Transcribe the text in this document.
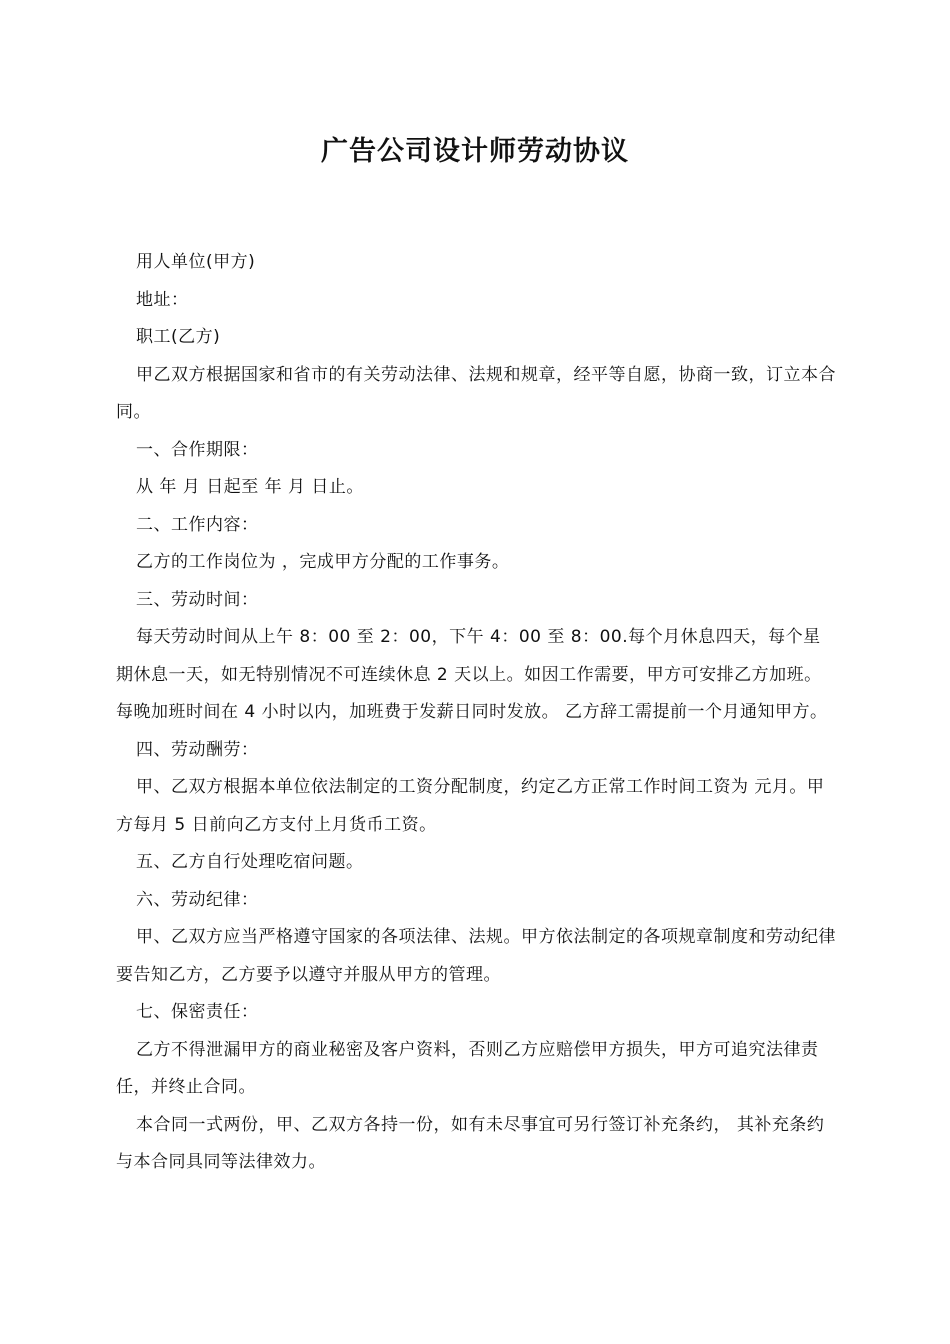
广告公司设计师劳动协议

用人单位(甲方)

地址：

职工(乙方)

甲乙双方根据国家和省市的有关劳动法律、法规和规章，经平等自愿，协商一致，订立本合同。

一、合作期限：

从 年 月 日起至 年 月 日止。

二、工作内容：

乙方的工作岗位为 ，完成甲方分配的工作事务。

三、劳动时间：

每天劳动时间从上午 8：00 至 2：00，下午 4：00 至 8：00.每个月休息四天，每个星期休息一天，如无特别情况不可连续休息 2 天以上。如因工作需要，甲方可安排乙方加班。每晚加班时间在 4 小时以内，加班费于发薪日同时发放。 乙方辞工需提前一个月通知甲方。

四、劳动酬劳：

甲、乙双方根据本单位依法制定的工资分配制度，约定乙方正常工作时间工资为 元月。甲方每月 5 日前向乙方支付上月货币工资。

五、乙方自行处理吃宿问题。

六、劳动纪律：

甲、乙双方应当严格遵守国家的各项法律、法规。甲方依法制定的各项规章制度和劳动纪律要告知乙方，乙方要予以遵守并服从甲方的管理。

七、保密责任：

乙方不得泄漏甲方的商业秘密及客户资料，否则乙方应赔偿甲方损失，甲方可追究法律责任，并终止合同。

本合同一式两份，甲、乙双方各持一份，如有未尽事宜可另行签订补充条约， 其补充条约与本合同具同等法律效力。
